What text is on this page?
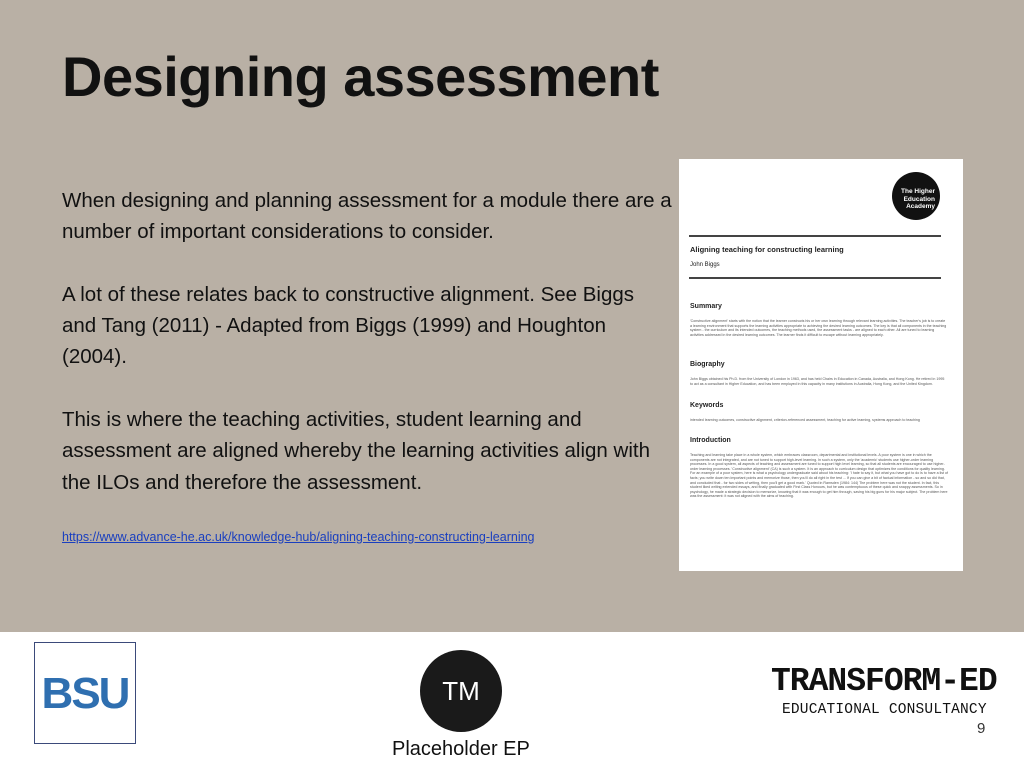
Designing assessment

When designing and planning assessment for a module there are a number of important considerations to consider.

A lot of these relates back to constructive alignment. See Biggs and Tang (2011) - Adapted from Biggs (1999) and Houghton (2004).

This is where the teaching activities, student learning and assessment are aligned whereby the learning activities align with the ILOs and therefore the assessment.

https://www.advance-he.ac.uk/knowledge-hub/aligning-teaching-constructing-learning
The Higher Education Academy
Aligning teaching for constructing learning
John Biggs
Summary
'Constructive alignment' starts with the notion that the learner constructs his or her own learning through relevant learning activities. The teacher's job is to create a learning environment that supports the learning activities appropriate to achieving the desired learning outcomes. The key is that all components in the teaching system - the curriculum and its intended outcomes, the teaching methods used, the assessment tasks - are aligned to each other. All are tuned to learning activities addressed in the desired learning outcomes. The learner finds it difficult to escape without learning appropriately.
Biography
John Biggs obtained his Ph.D. from the University of London in 1963, and has held Chairs in Education in Canada, Australia, and Hong Kong. He retired in 1995 to act as a consultant in Higher Education, and has been employed in this capacity in many institutions in Australia, Hong Kong, and the United Kingdom.
Keywords
intended learning outcomes, constructive alignment, criterion-referenced assessment, teaching for active learning, systems approach to teaching
Introduction
Teaching and learning take place in a whole system, which embraces classroom, departmental and institutional levels. A poor system is one in which the components are not integrated, and are not tuned to support high-level learning. In such a system, only the 'academic' students use higher-order learning processes. In a good system, all aspects of teaching and assessment are tuned to support high level learning, so that all students are encouraged to use higher-order learning processes. 'Constructive alignment' (CA) is such a system. It is an approach to curriculum design that optimizes the conditions for quality learning. For an example of a poor system, here is what a psychology undergraduate said about his teaching: 'I hate to say it, but what you have got to do is to have a list of facts; you write down ten important points and memorize those, then you'll do all right in the test ... If you can give a bit of factual information - so and so did that, and concluded that - for two sides of writing, then you'll get a good mark.' Quoted in Ramsden (1984: 144) The problem here was not the student. In fact, this student liked writing extended essays, and finally graduated with First Class Honours, but he was contemptuous of these quick and snappy assessments. So in psychology, he made a strategic decision to memorize, knowing that it was enough to get him through, saving his big guns for his major subject. The problem here was the assessment: it was not aligned with the aims of teaching.
BSU	TM
Placeholder EP
TRANSFORM-ED
EDUCATIONAL CONSULTANCY
9
